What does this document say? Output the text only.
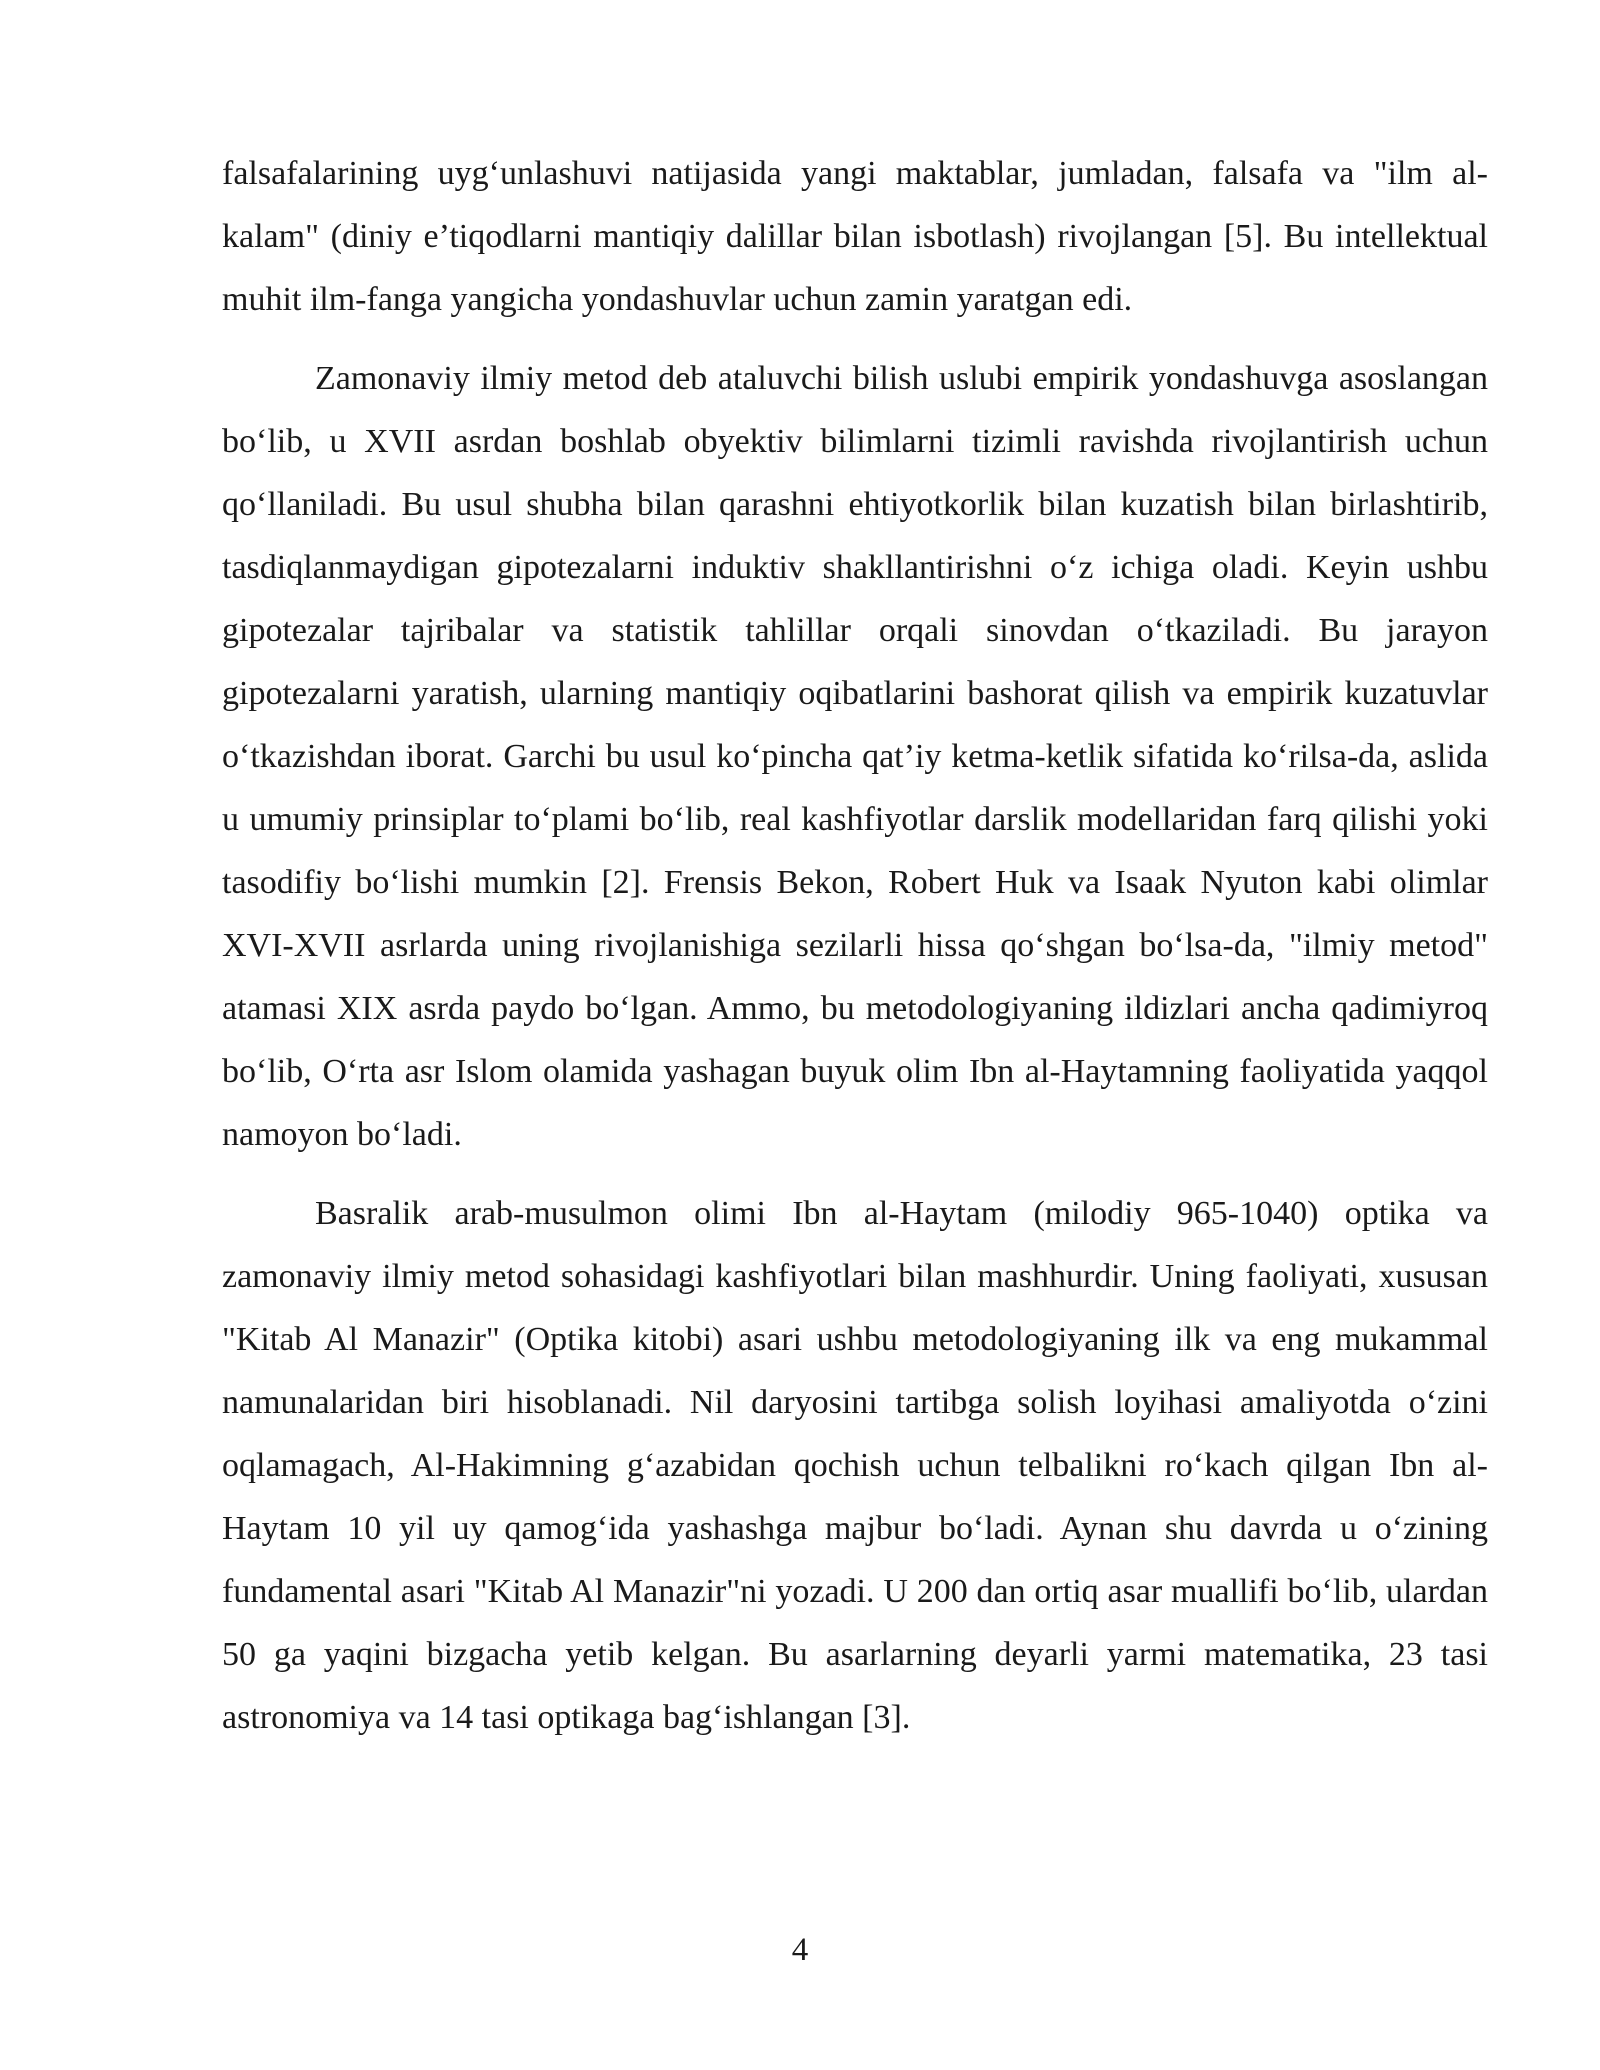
falsafalarining uyg‘unlashuvi natijasida yangi maktablar, jumladan, falsafa va "ilm al-kalam" (diniy e’tiqodlarni mantiqiy dalillar bilan isbotlash) rivojlangan [5]. Bu intellektual muhit ilm-fanga yangicha yondashuvlar uchun zamin yaratgan edi.

Zamonaviy ilmiy metod deb ataluvchi bilish uslubi empirik yondashuvga asoslangan bo‘lib, u XVII asrdan boshlab obyektiv bilimlarni tizimli ravishda rivojlantirish uchun qo‘llaniladi. Bu usul shubha bilan qarashni ehtiyotkorlik bilan kuzatish bilan birlashtirib, tasdiqlanmaydigan gipotezalarni induktiv shakllantirishni o‘z ichiga oladi. Keyin ushbu gipotezalar tajribalar va statistik tahlillar orqali sinovdan o‘tkaziladi. Bu jarayon gipotezalarni yaratish, ularning mantiqiy oqibatlarini bashorat qilish va empirik kuzatuvlar o‘tkazishdan iborat. Garchi bu usul ko‘pincha qat’iy ketma-ketlik sifatida ko‘rilsa-da, aslida u umumiy prinsiplar to‘plami bo‘lib, real kashfiyotlar darslik modellaridan farq qilishi yoki tasodifiy bo‘lishi mumkin [2]. Frensis Bekon, Robert Huk va Isaak Nyuton kabi olimlar XVI-XVII asrlarda uning rivojlanishiga sezilarli hissa qo‘shgan bo‘lsa-da, "ilmiy metod" atamasi XIX asrda paydo bo‘lgan. Ammo, bu metodologiyaning ildizlari ancha qadimiyroq bo‘lib, O‘rta asr Islom olamida yashagan buyuk olim Ibn al-Haytamning faoliyatida yaqqol namoyon bo‘ladi.

Basralik arab-musulmon olimi Ibn al-Haytam (milodiy 965-1040) optika va zamonaviy ilmiy metod sohasidagi kashfiyotlari bilan mashhurdir. Uning faoliyati, xususan "Kitab Al Manazir" (Optika kitobi) asari ushbu metodologiyaning ilk va eng mukammal namunalaridan biri hisoblanadi. Nil daryosini tartibga solish loyihasi amaliyotda o‘zini oqlamagach, Al-Hakimning g‘azabidan qochish uchun telbalikni ro‘kach qilgan Ibn al-Haytam 10 yil uy qamog‘ida yashashga majbur bo‘ladi. Aynan shu davrda u o‘zining fundamental asari "Kitab Al Manazir"ni yozadi. U 200 dan ortiq asar muallifi bo‘lib, ulardan 50 ga yaqini bizgacha yetib kelgan. Bu asarlarning deyarli yarmi matematika, 23 tasi astronomiya va 14 tasi optikaga bag‘ishlangan [3].

4
